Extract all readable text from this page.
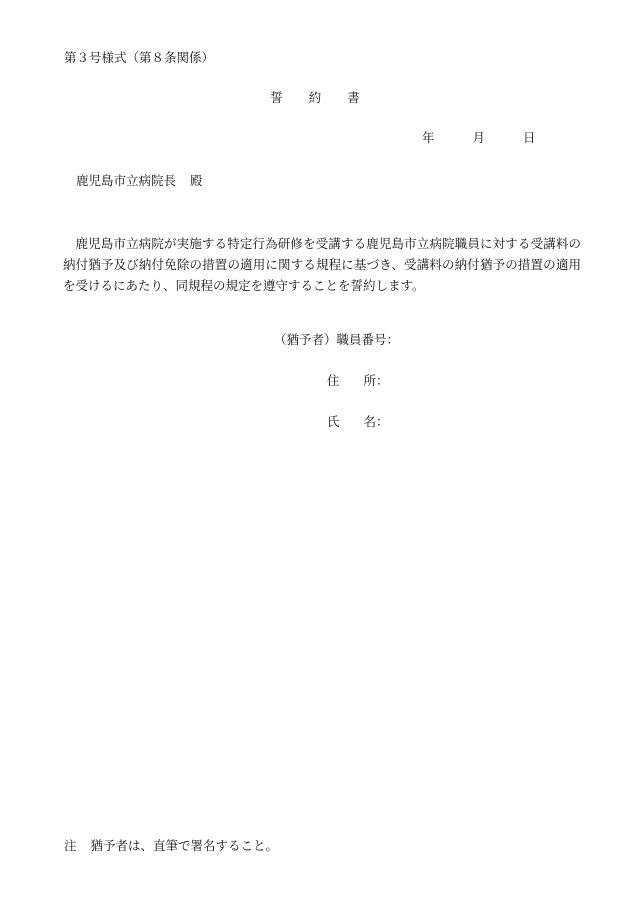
第３号様式（第８条関係）
誓 約 書
年	月	日
鹿児島市立病院長 殿
鹿児島市立病院が実施する特定行為研修を受講する鹿児島市立病院職員に対する受講料の納付猶予及び納付免除の措置の適用に関する規程に基づき、受講料の納付猶予の措置の適用を受けるにあたり、同規程の規定を遵守することを誓約します。
（猶予者）職員番号：
住 所：
氏 名：
注 猶予者は、直筆で署名すること。
